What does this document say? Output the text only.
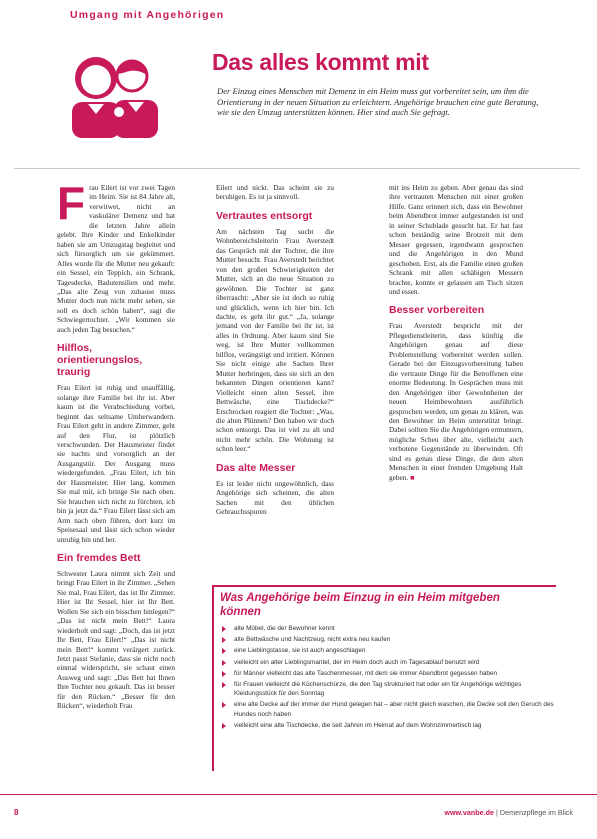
Umgang mit Angehörigen
Das alles kommt mit

Der Einzug eines Menschen mit Demenz in ein Heim muss gut vorbereitet sein, um ihm die Orientierung in der neuen Situation zu erleichtern. Angehörige brauchen eine gute Beratung, wie sie den Umzug unterstützen können. Hier sind auch Sie gefragt.

F rau Eilert ist vor zwei Tagen im Heim. Sie ist 84 Jahre alt, verwitwet, nicht an vaskulärer Demenz und hat die letzten Jahre allein gelebt. Ihre Kinder und Enkelkinder haben sie am Umzugstag begleitet und sich fürsorglich um sie gekümmert. Alles wurde für die Mutter neu gekauft: ein Sessel, ein Teppich, ein Schrank, Tagesdecke, Badutensilien und mehr. „Das alte Zeug von zuhause muss Mutter doch nun nicht mehr sehen, sie soll es doch schön haben“, sagt die Schwiegertochter. „Wir kommen sie auch jeden Tag besuchen.“

Hilflos, orientierungslos, traurig

Frau Eilert ist ruhig und unauffällig, solange ihre Familie bei ihr ist. Aber kaum ist die Verabschiedung vorbei, beginnt das seltsame Umherwandern. Frau Eilert geht in andere Zimmer, geht auf den Flur, ist plötzlich verschwunden. Der Hausmeister findet sie nachts und vorsorglich an der Ausgangstür. Der Ausgang muss wiedergefunden. „Frau Eilert, ich bin der Hausmeister. Hier lang, kommen Sie mal mit, ich bringe Sie nach oben. Sie brauchen sich nicht zu fürchten, ich bin ja jetzt da.“ Frau Eilert lässt sich am Arm nach oben führen, dort kurz im Speisesaal und lässt sich schon wieder unruhig hin und her.

Ein fremdes Bett

Schwester Laura nimmt sich Zeit und bringt Frau Eilert in ihr Zimmer. „Sehen Sie mal, Frau Eilert, das ist Ihr Zimmer. Hier ist Ihr Sessel, hier ist Ihr Bett. Wollen Sie sich ein bisschen hinlegen?“ „Das ist nicht mein Bett!“ Laura wiederholt und sagt: „Doch, das ist jetzt Ihr Bett, Frau Eilert!“ „Das ist nicht mein Bett!“ kommt verärgert zurück. Jetzt passt Stefanie, dass sie nicht noch einmal widerspricht, sie schaut einen Ausweg und sagt: „Das Bett hat Ihnen Ihre Tochter neu gekauft. Das ist besser für den Rücken.“ „Besser für den Rücken“, wiederholt Frau

Eilert und nickt. Das scheint sie zu beruhigen. Es ist ja sinnvoll.

Vertrautes entsorgt

Am nächsten Tag sucht die Wohnbereichsleiterin Frau Averstedt das Gespräch mit der Tochter, die ihre Mutter besucht. Frau Averstedt berichtet von den großen Schwierigkeiten der Mutter, sich an die neue Situation zu gewöhnen. Die Tochter ist ganz überrascht: „Aber sie ist doch so ruhig und glücklich, wenn ich hier bin. Ich dachte, es geht ihr gut.“ „Ja, solange jemand von der Familie bei ihr ist, ist alles in Ordnung. Aber kaum sind Sie weg, ist Ihre Mutter vollkommen hilflos, verängstigt und irritiert. Können Sie nicht einige alte Sachen Ihrer Mutter herbringen, dass sie sich an den bekannten Dingen orientieren kann? Vielleicht einen alten Sessel, ihre Bettwäsche, eine Tischdecke?“ Erschrocken reagiert die Tochter: „Was, die alten Plünnen? Den haben wir doch schon entsorgt. Das ist viel zu alt und nicht mehr schön. Die Wohnung ist schon leer.“

Das alte Messer

Es ist leider nicht ungewöhnlich, dass Angehörige sich scheinen, die alten Sachen mit den üblichen Gebrauchsspuren

mit ins Heim zu geben. Aber genau das sind ihre vertrauten Menschen mit einer großen Hilfe. Ganz erinnert sich, dass ein Bewohner beim Abendbrot immer aufgestanden ist und in seiner Schublade gesucht hat. Er hat fast schon beständig seine Brotzeit mit dem Messer gegessen, irgendwann gesprochen und die Angehörigen in den Mund geschoben. Erst, als die Familie einen großen Schrank mit allen schäbigen Messern brachte, konnte er gelassen am Tisch sitzen und essen.

Besser vorbereiten

Frau Averstedt bespricht mit der Pflegedienstleiterin, dass künftig die Angehörigen genau auf diese Problemstellung vorbereitet werden sollen. Gerade bei der Einzugsvorbereitung haben die vertraute Dinge für die Betroffenen eine enorme Bedeutung. In Gesprächen muss mit den Angehörigen über Gewohnheiten der neuen Heimbewohners ausführlich gesprochen werden, um genau zu klären, was den Bewohner im Heim unterstützt bringt. Dabei sollten Sie die Angehörigen ermuntern, mögliche Scheu über alte, vielleicht auch verbotene Gegenstände zu überwinden. Oft sind es genau diese Dinge, die dem alten Menschen in einer fremden Umgebung Halt geben. ■

Was Angehörige beim Einzug in ein Heim mitgeben können
alte Möbel, die der Bewohner kennt
alte Bettwäsche und Nachtzeug, nicht extra neu kaufen
eine Lieblingstasse, sie ist auch angeschlagen
vielleicht ein alter Lieblingsmantel, der im Heim doch auch im Tagesablauf benutzt wird
für Männer vielleicht das alte Taschenmesser, mit dem sie immer Abendbrot gegessen haben
für Frauen vielleicht die Küchenschürze, die den Tag strukturiert hat oder ein für Angehörige wichtiges Kleidungsstück für den Sonntag
eine alte Decke auf der immer der Hund gelegen hat – aber nicht gleich waschen, die Decke soll den Geruch des Hundes noch haben
vielleicht eine alte Tischdecke, die seit Jahren im Heimat auf dem Wohnzimmertisch lag
8	www.vanbe.de | Demenzpflege im Blick
